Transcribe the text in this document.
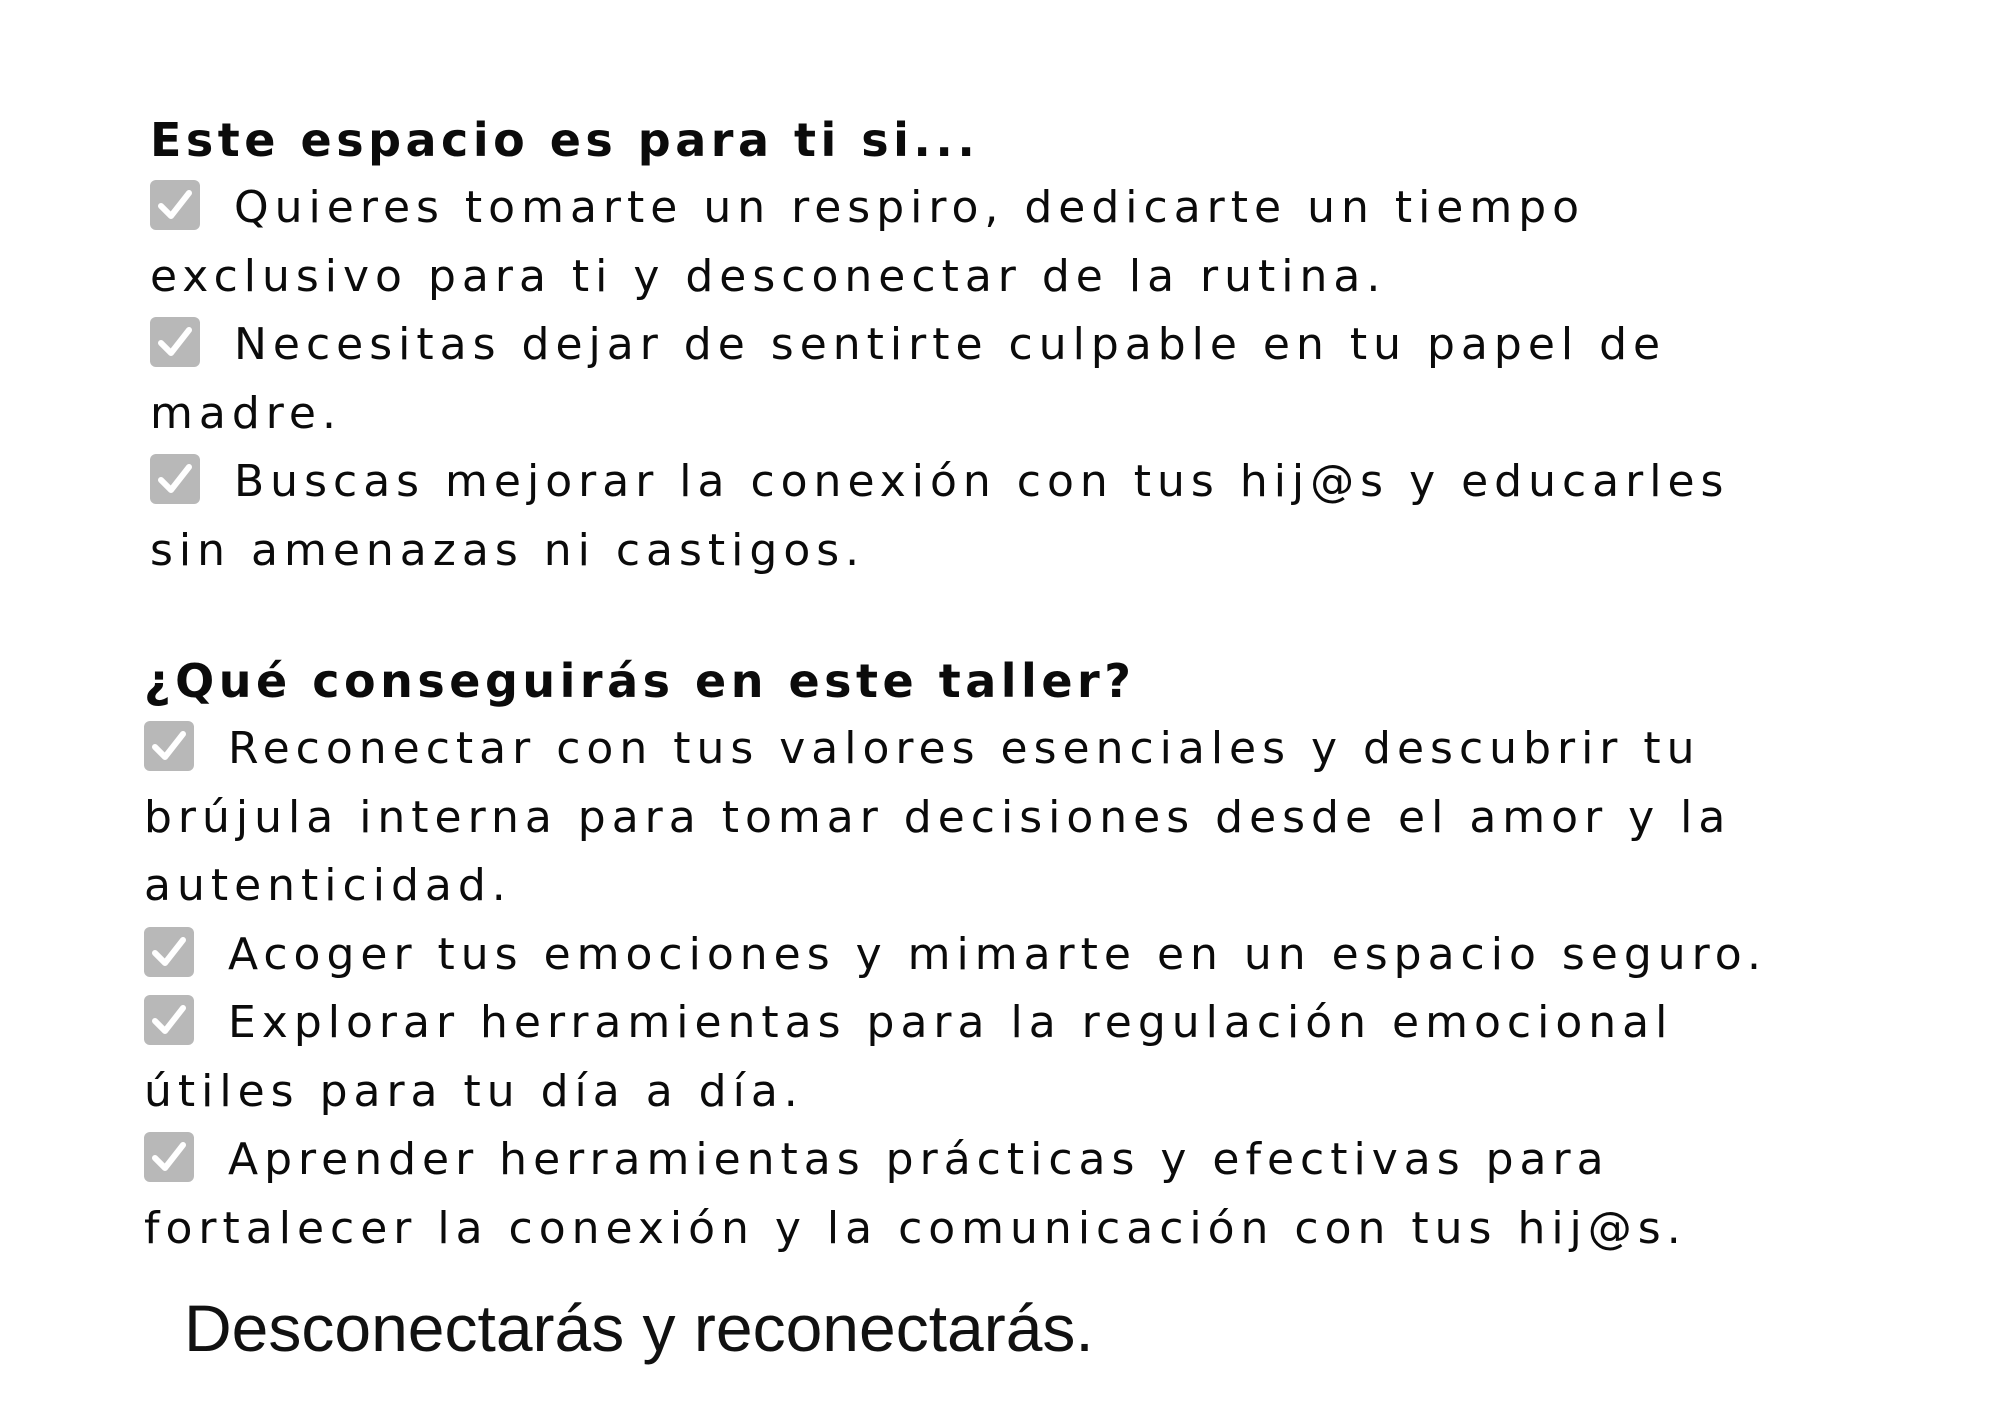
Este espacio es para ti si...
Quieres tomarte un respiro, dedicarte un tiempo
exclusivo para ti y desconectar de la rutina.
Necesitas dejar de sentirte culpable en tu papel de
madre.
Buscas mejorar la conexión con tus hij@s y educarles
sin amenazas ni castigos.
¿Qué conseguirás en este taller?
Reconectar con tus valores esenciales y descubrir tu
brújula interna para tomar decisiones desde el amor y la
autenticidad.
Acoger tus emociones y mimarte en un espacio seguro.
Explorar herramientas para la regulación emocional
útiles para tu día a día.
Aprender herramientas prácticas y efectivas para
fortalecer la conexión y la comunicación con tus hij@s.
Desconectarás y reconectarás.
